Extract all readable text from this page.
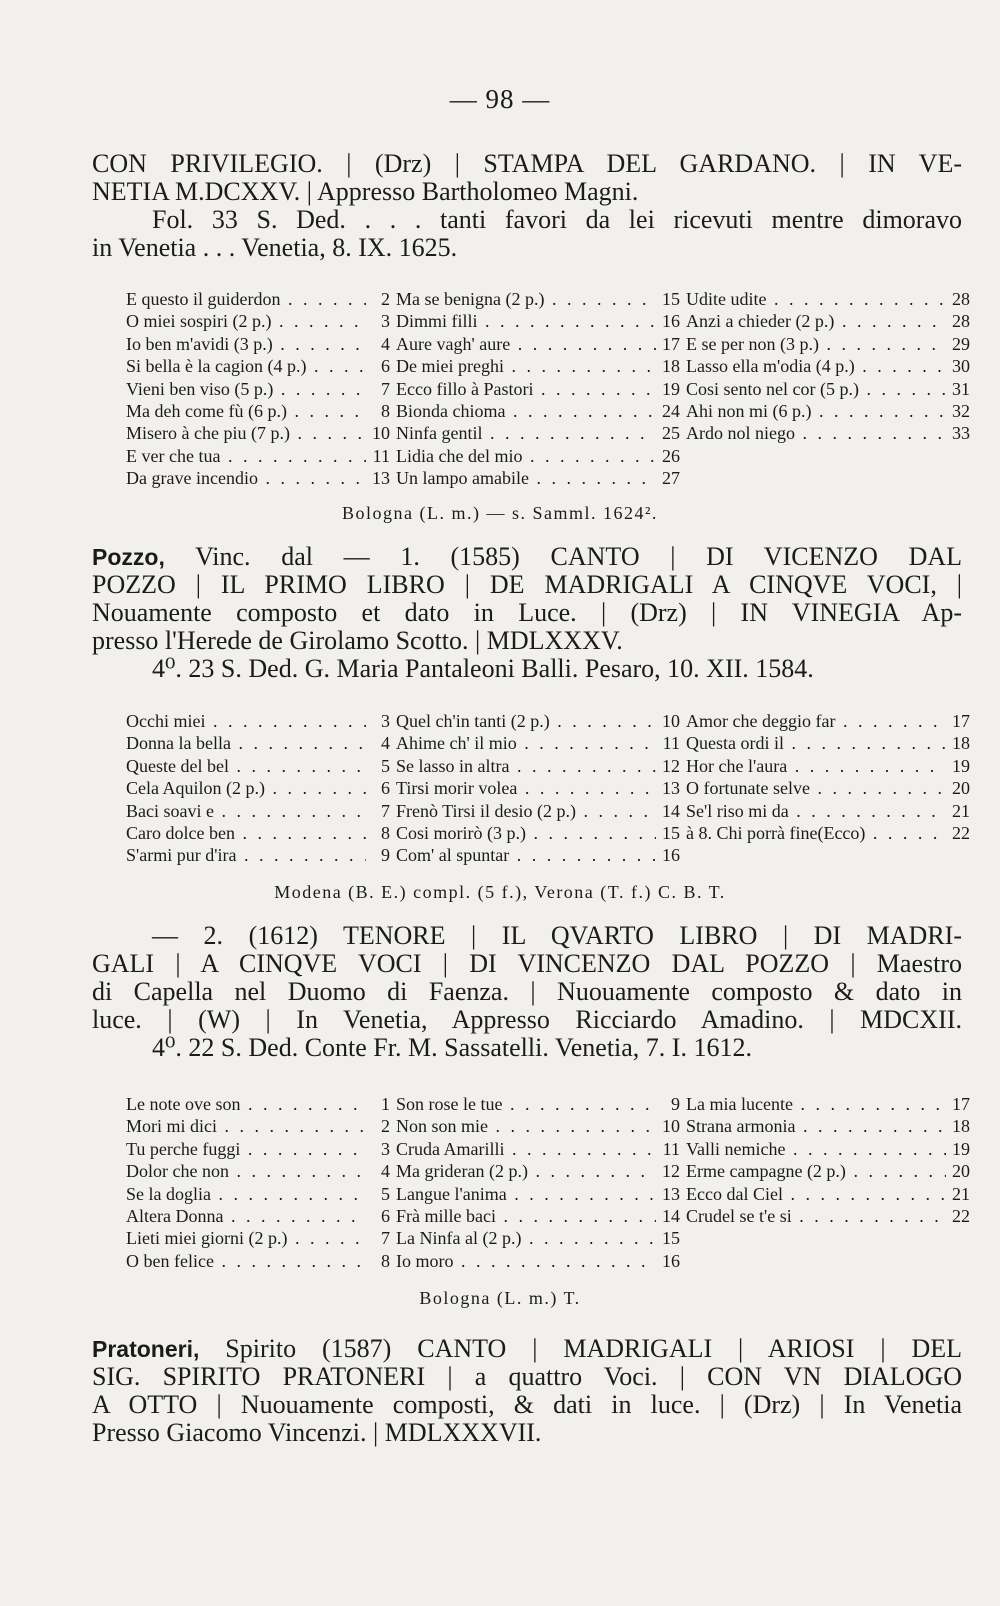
— 98 —
CON PRIVILEGIO. | (Drz) | STAMPA DEL GARDANO. | IN VE-
NETIA M.DCXXV. | Appresso Bartholomeo Magni.
Fol. 33 S. Ded. . . . tanti favori da lei ricevuti mentre dimoravo
in Venetia . . . Venetia, 8. IX. 1625.
E questo il guiderdon . . .	2 Ma se benigna (2 p.) . . .	15 Udite udite . . .	28
O miei sospiri (2 p.) . . .	3 Dimmi filli . . .	16 Anzi a chieder (2 p.) . . .	28
Io ben m'avidi (3 p.) . . .	4 Aure vagh' aure . . .	17 E se per non (3 p.) . . .	29
Si bella è la cagion (4 p.) . . .	6 De miei preghi . . .	18 Lasso ella m'odia (4 p.) . . .	30
Vieni ben viso (5 p.) . . .	7 Ecco fillo à Pastori . . .	19 Cosi sento nel cor (5 p.) . . .	31
Ma deh come fù (6 p.) . . .	8 Bionda chioma . . .	24 Ahi non mi (6 p.) . . .	32
Misero à che piu (7 p.) . . .	10 Ninfa gentil . . .	25 Ardo nol niego . . .	33
E ver che tua . . .	11 Lidia che del mio . . .	26
Da grave incendio . . .	13 Un lampo amabile . . .	27
Bologna (L. m.) — s. Samml. 1624².
Pozzo, Vinc. dal — 1. (1585) CANTO | DI VICENZO DAL
POZZO | IL PRIMO LIBRO | DE MADRIGALI A CINQVE VOCI, |
Nouamente composto et dato in Luce. | (Drz) | IN VINEGIA Ap-
presso l'Herede de Girolamo Scotto. | MDLXXXV.
4⁰. 23 S. Ded. G. Maria Pantaleoni Balli. Pesaro, 10. XII. 1584.
Occhi miei . . .	3 Quel ch'in tanti (2 p.) . . .	10 Amor che deggio far . . .	17
Donna la bella . . .	4 Ahime ch' il mio . . .	11 Questa ordi il . . .	18
Queste del bel . . .	5 Se lasso in altra . . .	12 Hor che l'aura . . .	19
Cela Aquilon (2 p.) . . .	6 Tirsi morir volea . . .	13 O fortunate selve . . .	20
Baci soavi e . . .	7 Frenò Tirsi il desio (2 p.) . . .	14 Se'l riso mi da . . .	21
Caro dolce ben . . .	8 Cosi morirò (3 p.) . . .	15 à 8. Chi porrà fine(Ecco) . . .	22
S'armi pur d'ira . . .	9 Com' al spuntar . . .	16
Modena (B. E.) compl. (5 f.), Verona (T. f.) C. B. T.
— 2. (1612) TENORE | IL QVARTO LIBRO | DI MADRI-
GALI | A CINQVE VOCI | DI VINCENZO DAL POZZO | Maestro
di Capella nel Duomo di Faenza. | Nuouamente composto & dato in
luce. | (W) | In Venetia, Appresso Ricciardo Amadino. | MDCXII.
4⁰. 22 S. Ded. Conte Fr. M. Sassatelli. Venetia, 7. I. 1612.
Le note ove son . . .	1 Son rose le tue . . .	9 La mia lucente . . .	17
Mori mi dici . . .	2 Non son mie . . .	10 Strana armonia . . .	18
Tu perche fuggi . . .	3 Cruda Amarilli . . .	11 Valli nemiche . . .	19
Dolor che non . . .	4 Ma grideran (2 p.) . . .	12 Erme campagne (2 p.) . . .	20
Se la doglia . . .	5 Langue l'anima . . .	13 Ecco dal Ciel . . .	21
Altera Donna . . .	6 Frà mille baci . . .	14 Crudel se t'e si . . .	22
Lieti miei giorni (2 p.) . . .	7 La Ninfa al (2 p.) . . .	15
O ben felice . . .	8 Io moro . . .	16
Bologna (L. m.) T.
Pratoneri, Spirito (1587) CANTO | MADRIGALI | ARIOSI | DEL
SIG. SPIRITO PRATONERI | a quattro Voci. | CON VN DIALOGO
A OTTO | Nuouamente composti, & dati in luce. | (Drz) | In Venetia
Presso Giacomo Vincenzi. | MDLXXXVII.
